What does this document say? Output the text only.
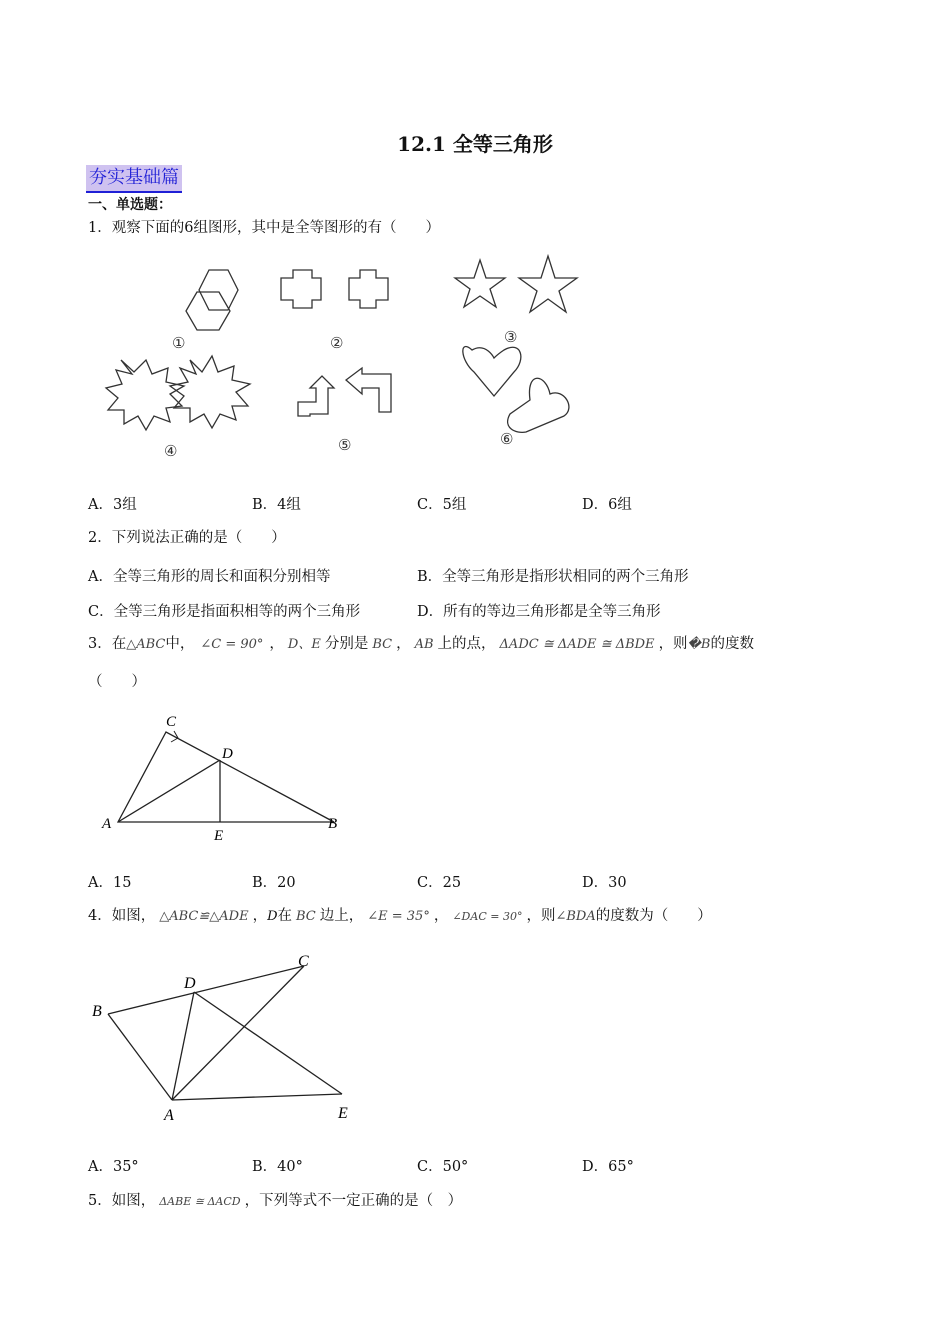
12.1 全等三角形
夯实基础篇
一、单选题：
1．观察下面的6组图形，其中是全等图形的有（　　）
①	②	③
④	⑤	⑥
A．3组	B．4组	C．5组	D．6组
2．下列说法正确的是（　　）
A．全等三角形的周长和面积分别相等	B．全等三角形是指形状相同的两个三角形
C．全等三角形是指面积相等的两个三角形	D．所有的等边三角形都是全等三角形
3．在△ABC中， ∠C = 90° ， D、E 分别是 BC ， AB 上的点， ΔADC ≅ ΔADE ≅ ΔBDE ，则�B的度数
（　　）
C
D
A
E
B
A．15	B．20	C．25	D．30
4．如图， △ABC≌△ADE ，D在 BC 边上， ∠E = 35° ， ∠DAC = 30° ，则∠BDA的度数为（　　）
B
D
C
A	E
A．35°	B．40°	C．50°	D．65°
5．如图， ΔABE ≅ ΔACD ，下列等式不一定正确的是（　）
